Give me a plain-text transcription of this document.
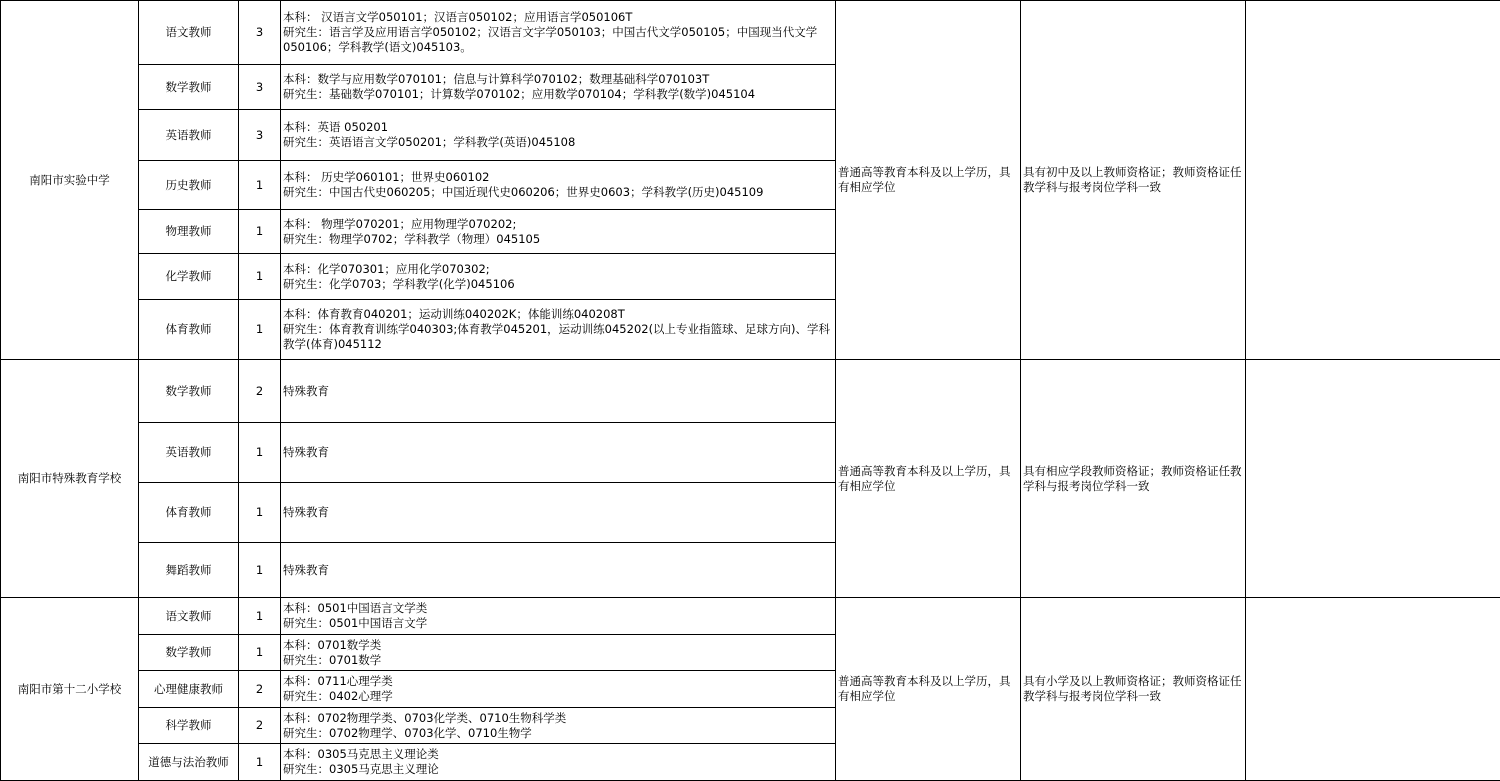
南阳市实验中学	语文教师	3	本科： 汉语言文学050101；汉语言050102；应用语言学050106T
研究生：语言学及应用语言学050102；汉语言文字学050103；中国古代文学050105；中国现当代文学050106；学科教学(语文)045103。	普通高等教育本科及以上学历，具有相应学位	具有初中及以上教师资格证；教师资格证任教学科与报考岗位学科一致	
	数学教师	3	本科：数学与应用数学070101；信息与计算科学070102；数理基础科学070103T
研究生：基础数学070101；计算数学070102；应用数学070104；学科教学(数学)045104			

	英语教师	3	本科：英语 050201
研究生：英语语言文学050201；学科教学(英语)045108			

	历史教师	1	本科： 历史学060101；世界史060102
研究生：中国古代史060205；中国近现代史060206；世界史0603；学科教学(历史)045109			

	物理教师	1	本科： 物理学070201；应用物理学070202;
研究生：物理学0702；学科教学（物理）045105			

	化学教师	1	本科：化学070301；应用化学070302;
研究生：化学0703；学科教学(化学)045106			

	体育教师	1	本科：体育教育040201；运动训练040202K；体能训练040208T
研究生：体育教育训练学040303;体育教学045201，运动训练045202(以上专业指篮球、足球方向)、学科教学(体育)045112			

南阳市特殊教育学校	数学教师	2	特殊教育	普通高等教育本科及以上学历，具有相应学位	具有相应学段教师资格证；教师资格证任教学科与报考岗位学科一致	
	英语教师	1	特殊教育			

	体育教师	1	特殊教育			

	舞蹈教师	1	特殊教育			

南阳市第十二小学校	语文教师	1	本科：0501中国语言文学类
研究生：0501中国语言文学	普通高等教育本科及以上学历，具有相应学位	具有小学及以上教师资格证；教师资格证任教学科与报考岗位学科一致	
	数学教师	1	本科：0701数学类
研究生：0701数学			

	心理健康教师	2	本科：0711心理学类
研究生：0402心理学			

	科学教师	2	本科：0702物理学类、0703化学类、0710生物科学类
研究生：0702物理学、0703化学、0710生物学			

	道德与法治教师	1	本科：0305马克思主义理论类
研究生：0305马克思主义理论			
